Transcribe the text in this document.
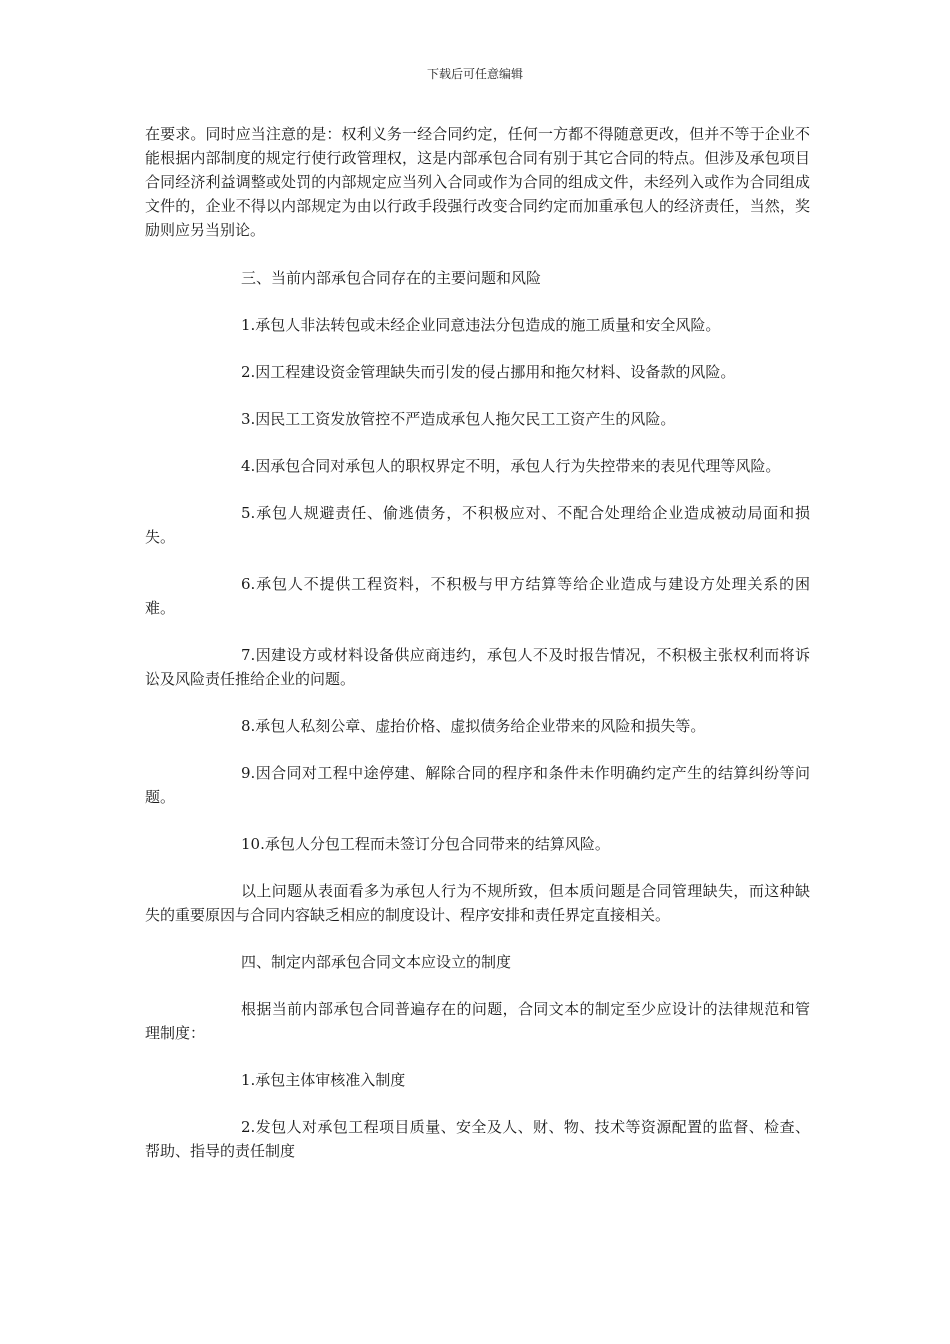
下载后可任意编辑

在要求。同时应当注意的是：权利义务一经合同约定，任何一方都不得随意更改，但并不等于企业不能根据内部制度的规定行使行政管理权，这是内部承包合同有别于其它合同的特点。但涉及承包项目合同经济利益调整或处罚的内部规定应当列入合同或作为合同的组成文件，未经列入或作为合同组成文件的，企业不得以内部规定为由以行政手段强行改变合同约定而加重承包人的经济责任，当然，奖励则应另当别论。

三、当前内部承包合同存在的主要问题和风险

1.承包人非法转包或未经企业同意违法分包造成的施工质量和安全风险。

2.因工程建设资金管理缺失而引发的侵占挪用和拖欠材料、设备款的风险。

3.因民工工资发放管控不严造成承包人拖欠民工工资产生的风险。

4.因承包合同对承包人的职权界定不明，承包人行为失控带来的表见代理等风险。

5.承包人规避责任、偷逃债务，不积极应对、不配合处理给企业造成被动局面和损失。

6.承包人不提供工程资料，不积极与甲方结算等给企业造成与建设方处理关系的困难。

7.因建设方或材料设备供应商违约，承包人不及时报告情况，不积极主张权利而将诉讼及风险责任推给企业的问题。

8.承包人私刻公章、虚抬价格、虚拟债务给企业带来的风险和损失等。

9.因合同对工程中途停建、解除合同的程序和条件未作明确约定产生的结算纠纷等问题。

10.承包人分包工程而未签订分包合同带来的结算风险。

以上问题从表面看多为承包人行为不规所致，但本质问题是合同管理缺失，而这种缺失的重要原因与合同内容缺乏相应的制度设计、程序安排和责任界定直接相关。

四、制定内部承包合同文本应设立的制度

根据当前内部承包合同普遍存在的问题，合同文本的制定至少应设计的法律规范和管理制度：

1.承包主体审核准入制度

2.发包人对承包工程项目质量、安全及人、财、物、技术等资源配置的监督、检查、帮助、指导的责任制度
